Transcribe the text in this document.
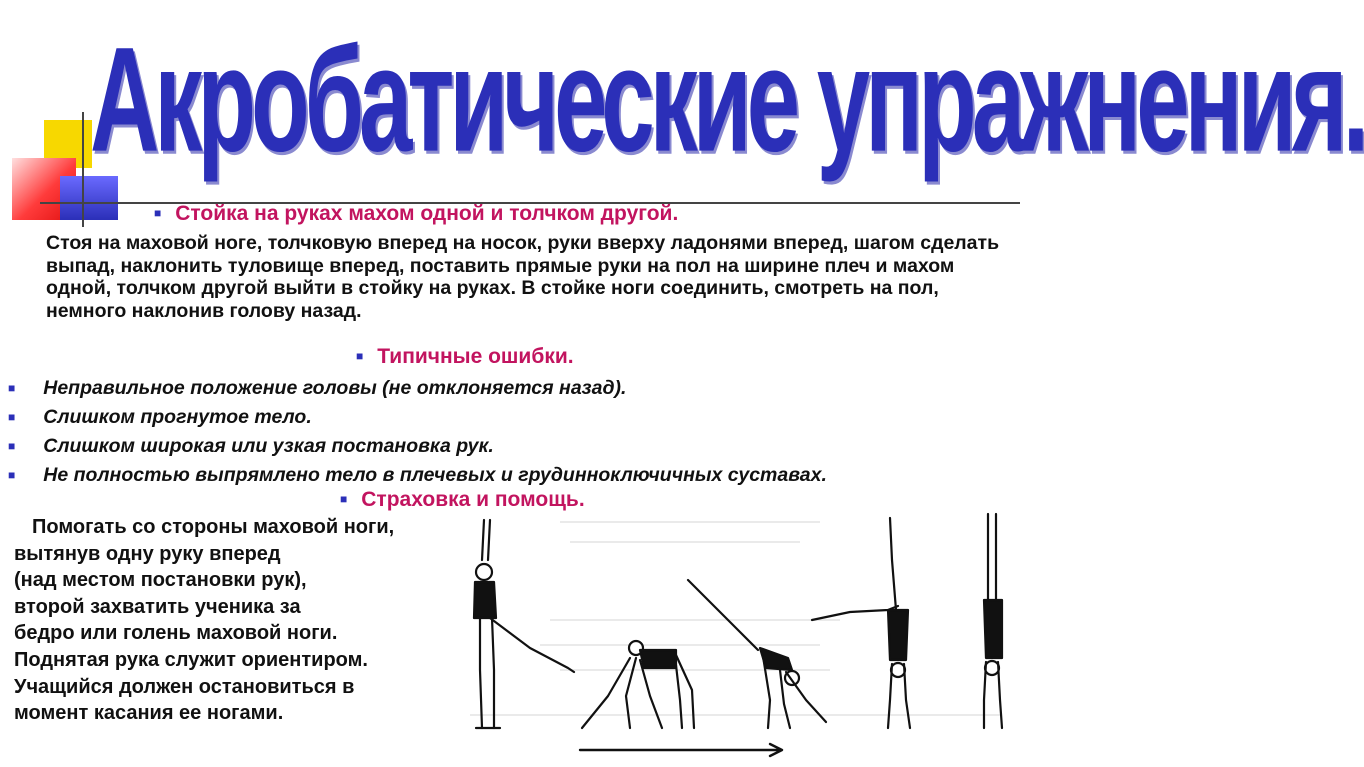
Акробатические упражнения.
■ Стойка на руках махом одной и толчком другой.

Стоя на маховой ноге, толчковую вперед на носок, руки вверху ладонями вперед, шагом сделать выпад, наклонить туловище вперед, поставить прямые руки на пол на ширине плеч и махом одной, толчком другой выйти в стойку на руках. В стойке ноги соединить, смотреть на пол, немного наклонив голову назад.

■ Типичные ошибки.
■ Неправильное положение головы (не отклоняется назад).
■ Слишком прогнутое тело.
■ Слишком широкая или узкая постановка рук.
■ Не полностью выпрямлено тело в плечевых и грудинноключичных суставах.
■ Страховка и помощь.
Помогать со стороны маховой ноги,
вытянув одну руку вперед
(над местом постановки рук),
второй захватить ученика за
бедро или голень маховой ноги.
Поднятая рука служит ориентиром.
Учащийся должен остановиться в
момент касания ее ногами.
